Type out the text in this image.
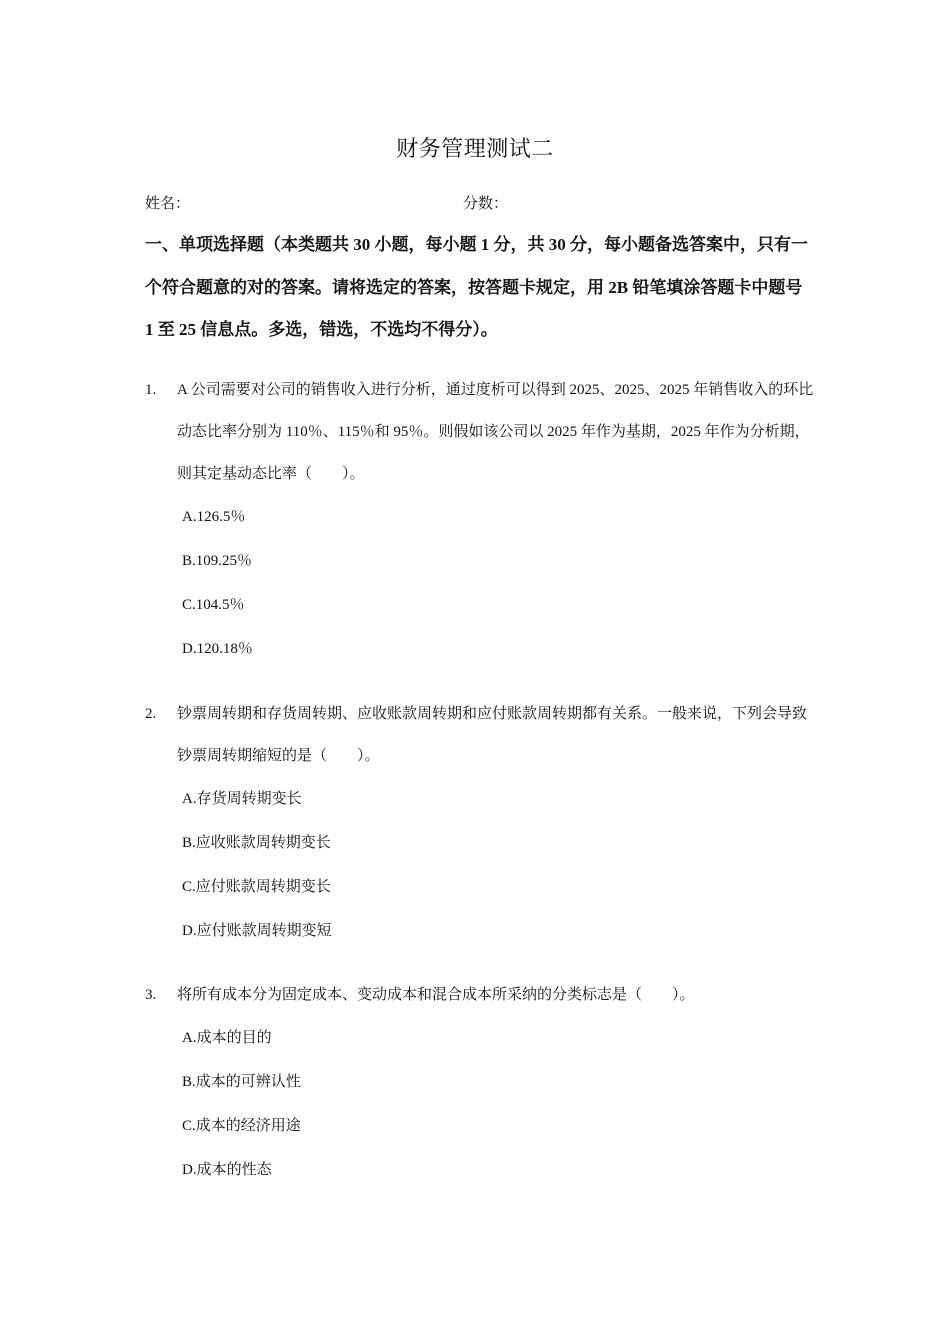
财务管理测试二
姓名：	分数：
一、单项选择题（本类题共 30 小题，每小题 1 分，共 30 分，每小题备选答案中，只有一个符合题意的对的答案。请将选定的答案，按答题卡规定，用 2B 铅笔填涂答题卡中题号 1 至 25 信息点。多选，错选，不选均不得分）。
1.	A 公司需要对公司的销售收入进行分析，通过度析可以得到 2025、2025、2025 年销售收入的环比动态比率分别为 110％、115％和 95％。则假如该公司以 2025 年作为基期，2025 年作为分析期，则其定基动态比率（　　）。
A.126.5％
B.109.25％
C.104.5％
D.120.18％
2.	钞票周转期和存货周转期、应收账款周转期和应付账款周转期都有关系。一般来说，下列会导致钞票周转期缩短的是（　　）。
A.存货周转期变长
B.应收账款周转期变长
C.应付账款周转期变长
D.应付账款周转期变短
3.	将所有成本分为固定成本、变动成本和混合成本所采纳的分类标志是（　　）。
A.成本的目的
B.成本的可辨认性
C.成本的经济用途
D.成本的性态
